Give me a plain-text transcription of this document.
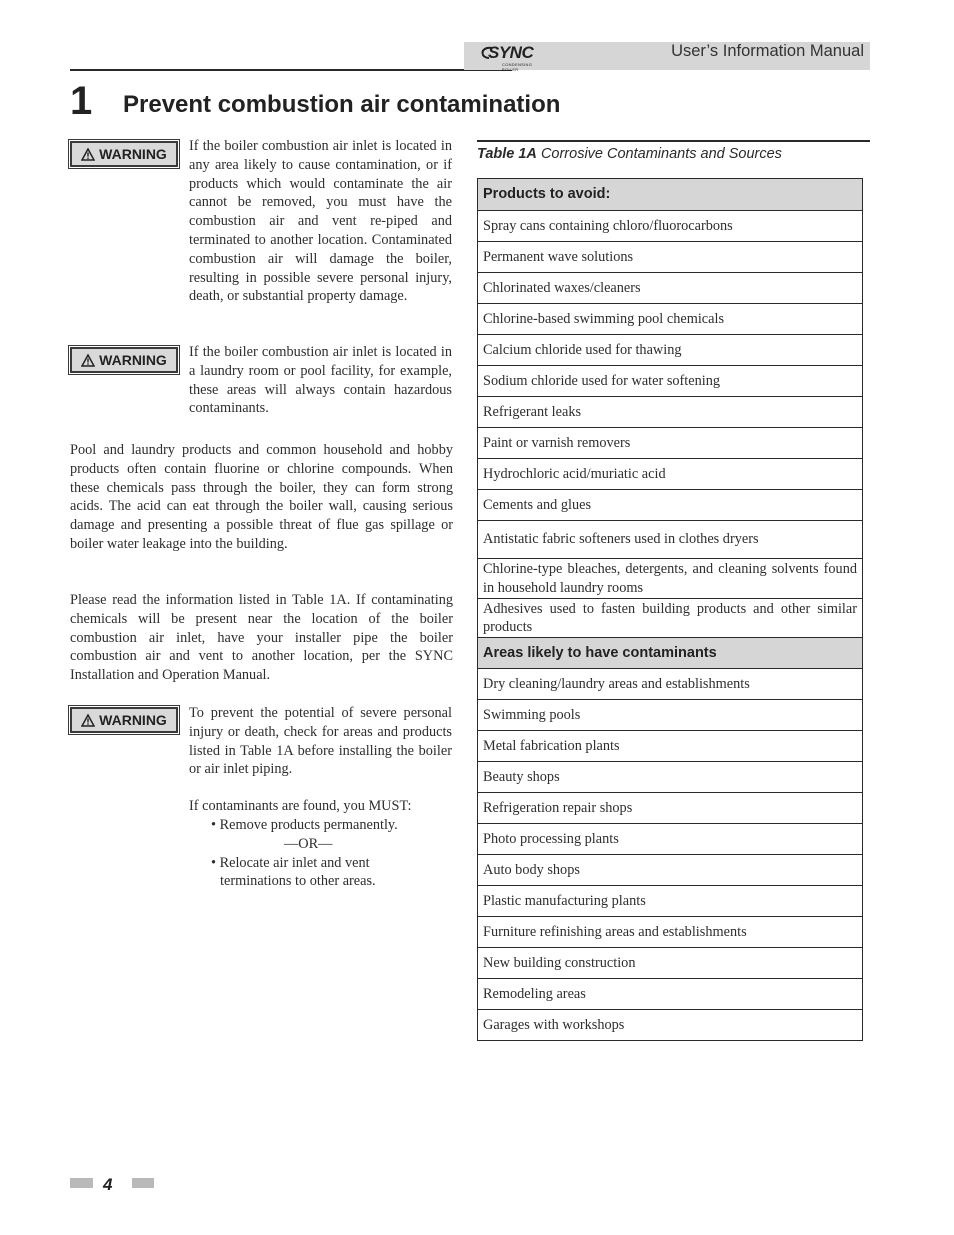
SYNC
CONDENSING BOILER
User’s Information Manual
1 Prevent combustion air contamination
WARNING If the boiler combustion air inlet is located in any area likely to cause contamination, or if products which would contaminate the air cannot be removed, you must have the combustion air and vent re-piped and terminated to another location. Contaminated combustion air will damage the boiler, resulting in possible severe personal injury, death, or substantial property damage.
WARNING If the boiler combustion air inlet is located in a laundry room or pool facility, for example, these areas will always contain hazardous contaminants.
Pool and laundry products and common household and hobby products often contain fluorine or chlorine compounds. When these chemicals pass through the boiler, they can form strong acids. The acid can eat through the boiler wall, causing serious damage and presenting a possible threat of flue gas spillage or boiler water leakage into the building.
Please read the information listed in Table 1A. If contaminating chemicals will be present near the location of the boiler combustion air inlet, have your installer pipe the boiler combustion air and vent to another location, per the SYNC Installation and Operation Manual.
WARNING To prevent the potential of severe personal injury or death, check for areas and products listed in Table 1A before installing the boiler or air inlet piping.
If contaminants are found, you MUST:
• Remove products permanently.
—OR—
• Relocate air inlet and vent
terminations to other areas.
Table 1A Corrosive Contaminants and Sources
Products to avoid:
Spray cans containing chloro/fluorocarbons
Permanent wave solutions
Chlorinated waxes/cleaners
Chlorine-based swimming pool chemicals
Calcium chloride used for thawing
Sodium chloride used for water softening
Refrigerant leaks
Paint or varnish removers
Hydrochloric acid/muriatic acid
Cements and glues
Antistatic fabric softeners used in clothes dryers
Chlorine-type bleaches, detergents, and cleaning solvents found in household laundry rooms
Adhesives used to fasten building products and other similar products
Areas likely to have contaminants
Dry cleaning/laundry areas and establishments
Swimming pools
Metal fabrication plants
Beauty shops
Refrigeration repair shops
Photo processing plants
Auto body shops
Plastic manufacturing plants
Furniture refinishing areas and establishments
New building construction
Remodeling areas
Garages with workshops
4
